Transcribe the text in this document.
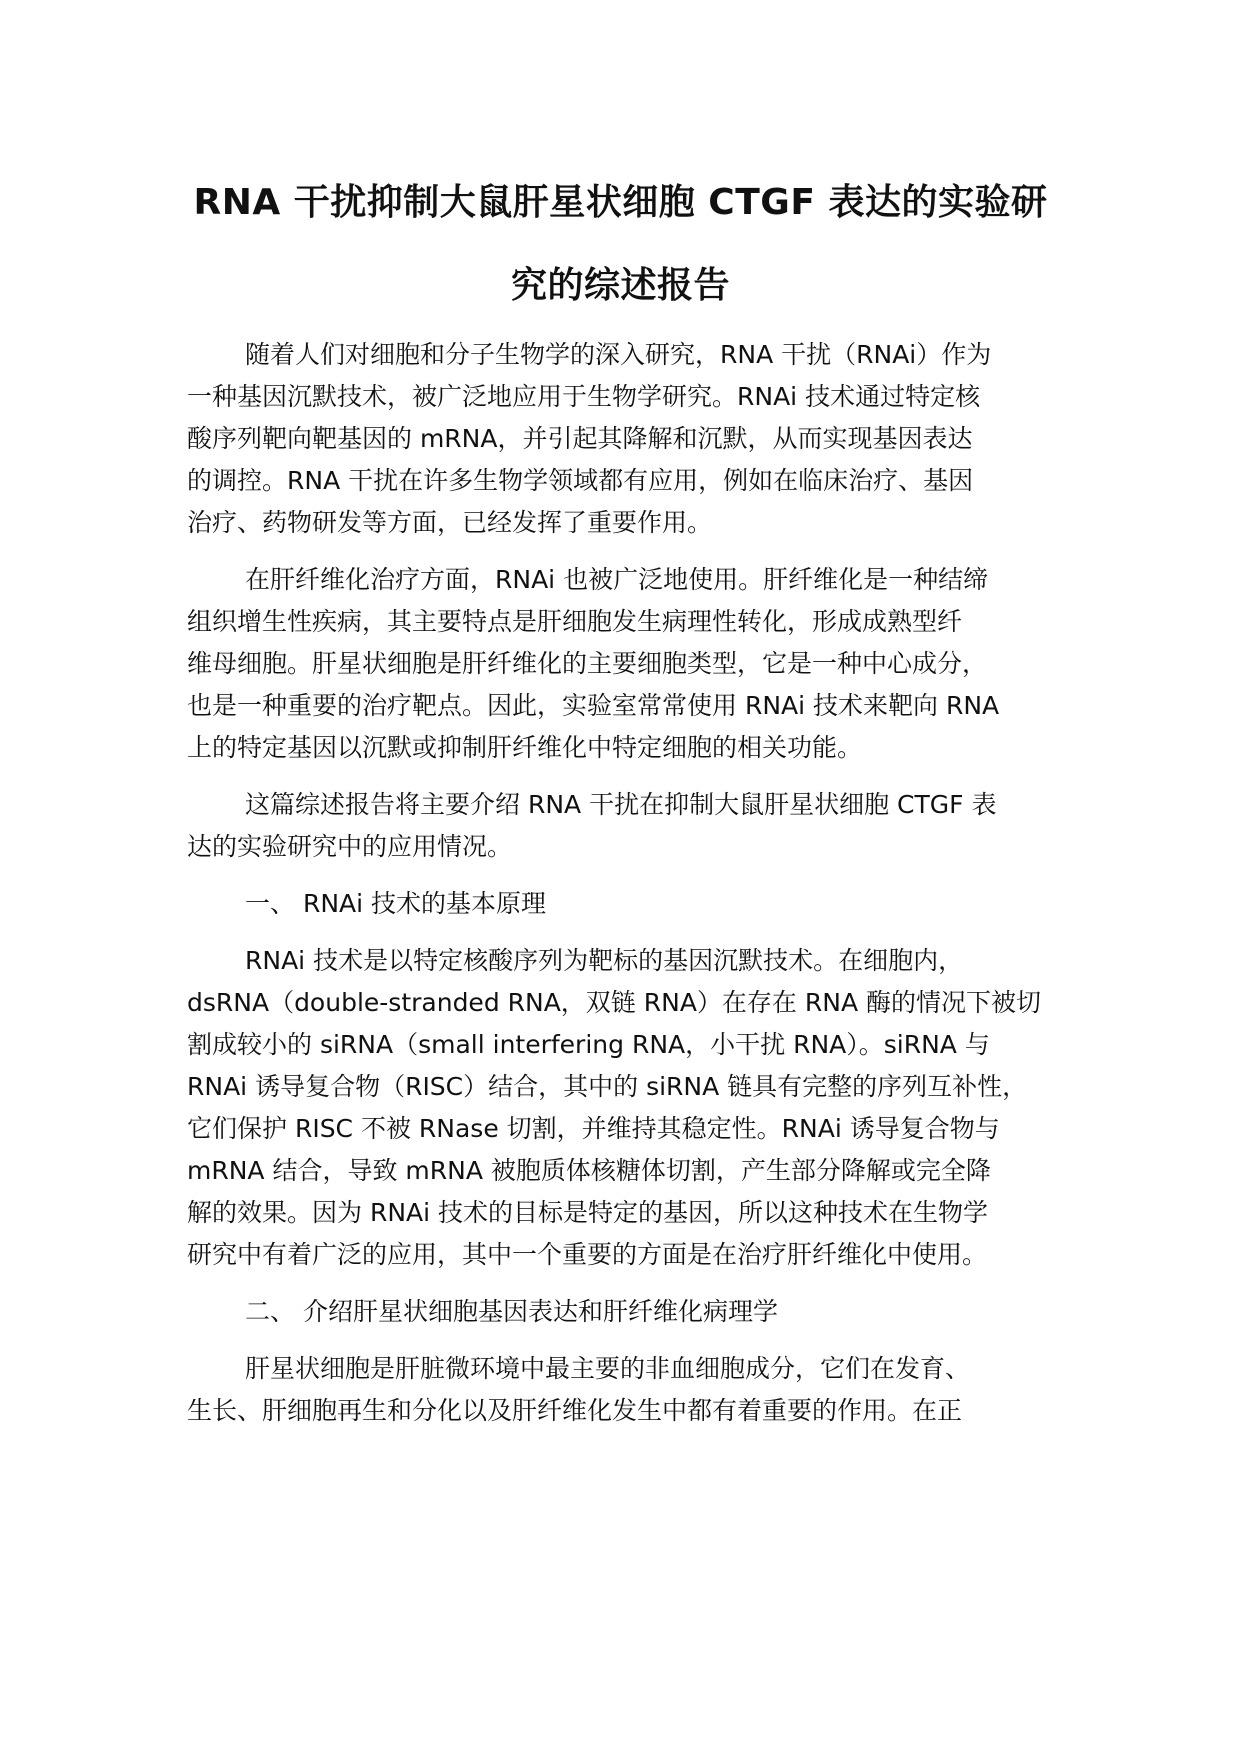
RNA 干扰抑制大鼠肝星状细胞 CTGF 表达的实验研
究的综述报告
随着人们对细胞和分子生物学的深入研究，RNA 干扰（RNAi）作为
一种基因沉默技术，被广泛地应用于生物学研究。RNAi 技术通过特定核
酸序列靶向靶基因的 mRNA，并引起其降解和沉默，从而实现基因表达
的调控。RNA 干扰在许多生物学领域都有应用，例如在临床治疗、基因
治疗、药物研发等方面，已经发挥了重要作用。
在肝纤维化治疗方面，RNAi 也被广泛地使用。肝纤维化是一种结缔
组织增生性疾病，其主要特点是肝细胞发生病理性转化，形成成熟型纤
维母细胞。肝星状细胞是肝纤维化的主要细胞类型，它是一种中心成分，
也是一种重要的治疗靶点。因此，实验室常常使用 RNAi 技术来靶向 RNA
上的特定基因以沉默或抑制肝纤维化中特定细胞的相关功能。
这篇综述报告将主要介绍 RNA 干扰在抑制大鼠肝星状细胞 CTGF 表
达的实验研究中的应用情况。
一、 RNAi 技术的基本原理
RNAi 技术是以特定核酸序列为靶标的基因沉默技术。在细胞内，
dsRNA（double-stranded RNA，双链 RNA）在存在 RNA 酶的情况下被切
割成较小的 siRNA（small interfering RNA，小干扰 RNA）。siRNA 与
RNAi 诱导复合物（RISC）结合，其中的 siRNA 链具有完整的序列互补性，
它们保护 RISC 不被 RNase 切割，并维持其稳定性。RNAi 诱导复合物与
mRNA 结合，导致 mRNA 被胞质体核糖体切割，产生部分降解或完全降
解的效果。因为 RNAi 技术的目标是特定的基因，所以这种技术在生物学
研究中有着广泛的应用，其中一个重要的方面是在治疗肝纤维化中使用。
二、 介绍肝星状细胞基因表达和肝纤维化病理学
肝星状细胞是肝脏微环境中最主要的非血细胞成分，它们在发育、
生长、肝细胞再生和分化以及肝纤维化发生中都有着重要的作用。在正
